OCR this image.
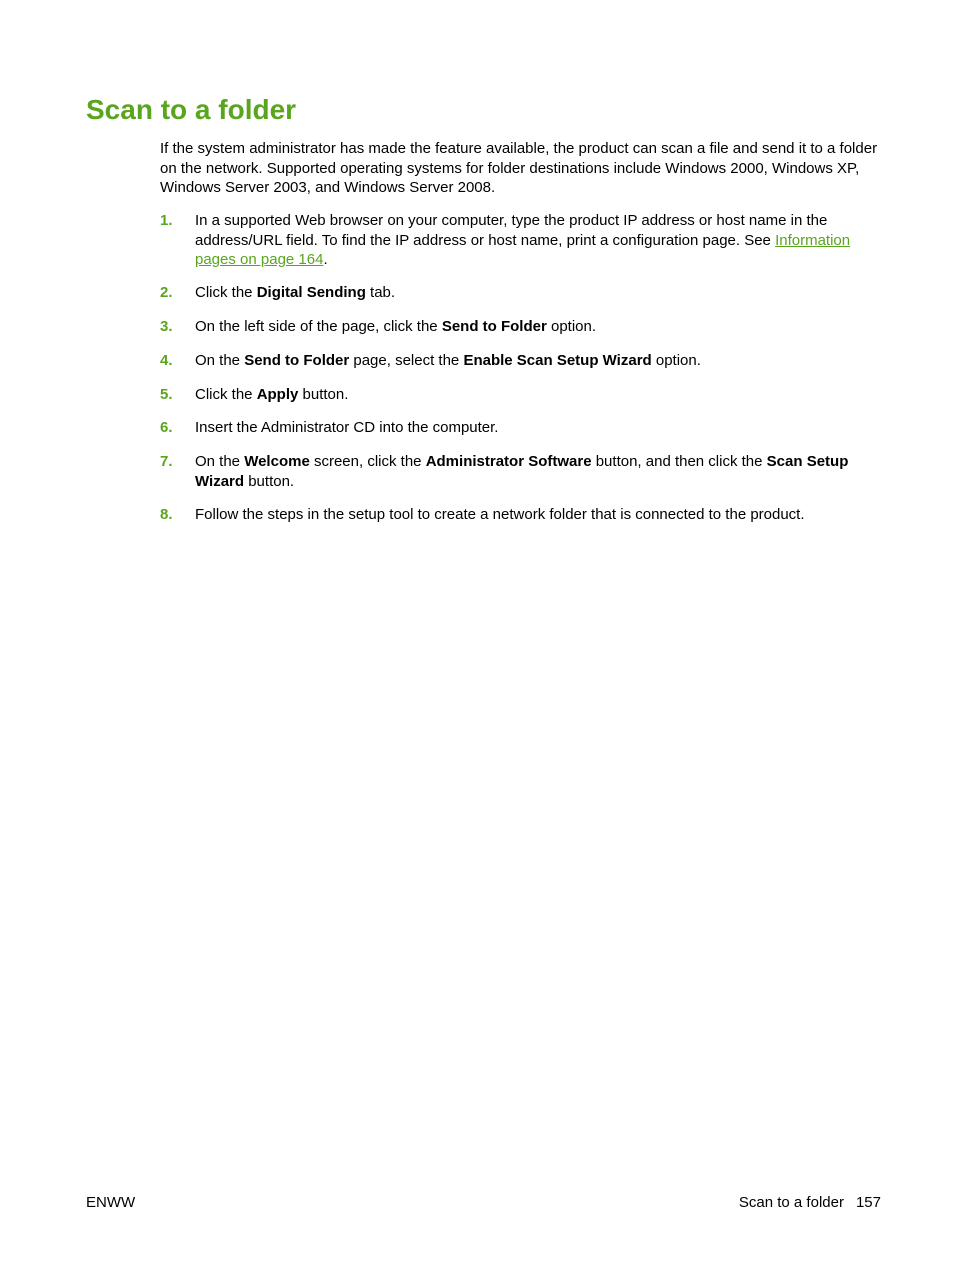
Scan to a folder

If the system administrator has made the feature available, the product can scan a file and send it to a folder on the network. Supported operating systems for folder destinations include Windows 2000, Windows XP, Windows Server 2003, and Windows Server 2008.

1. In a supported Web browser on your computer, type the product IP address or host name in the address/URL field. To find the IP address or host name, print a configuration page. See Information pages on page 164.
2. Click the Digital Sending tab.
3. On the left side of the page, click the Send to Folder option.
4. On the Send to Folder page, select the Enable Scan Setup Wizard option.
5. Click the Apply button.
6. Insert the Administrator CD into the computer.
7. On the Welcome screen, click the Administrator Software button, and then click the Scan Setup Wizard button.
8. Follow the steps in the setup tool to create a network folder that is connected to the product.
ENWW	Scan to a folder 157
